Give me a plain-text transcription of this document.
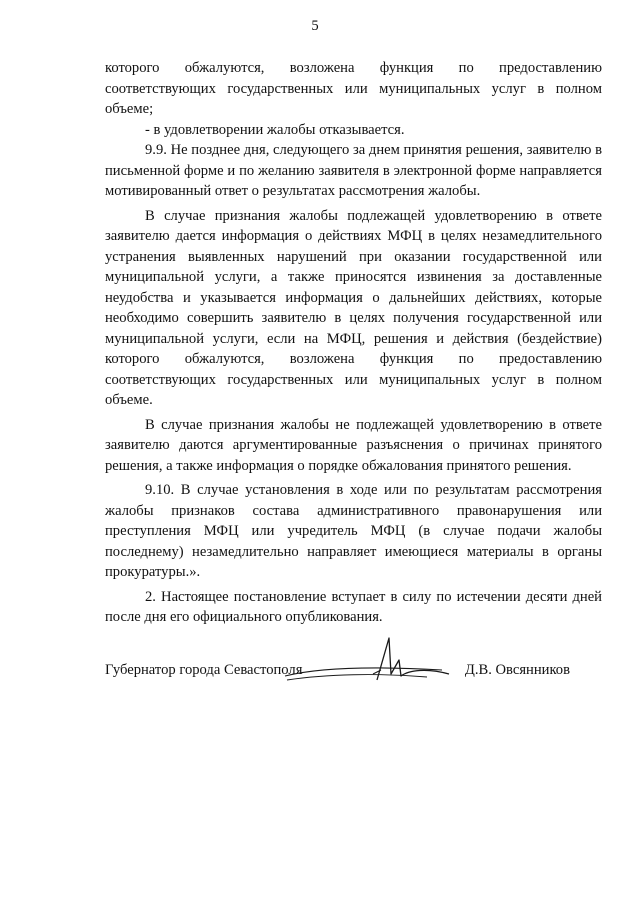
5

которого обжалуются, возложена функция по предоставлению соответствующих государственных или муниципальных услуг в полном объеме;

- в удовлетворении жалобы отказывается.

9.9. Не позднее дня, следующего за днем принятия решения, заявителю в письменной форме и по желанию заявителя в электронной форме направляется мотивированный ответ о результатах рассмотрения жалобы.

В случае признания жалобы подлежащей удовлетворению в ответе заявителю дается информация о действиях МФЦ в целях незамедлительного устранения выявленных нарушений при оказании государственной или муниципальной услуги, а также приносятся извинения за доставленные неудобства и указывается информация о дальнейших действиях, которые необходимо совершить заявителю в целях получения государственной или муниципальной услуги, если на МФЦ, решения и действия (бездействие) которого обжалуются, возложена функция по предоставлению соответствующих государственных или муниципальных услуг в полном объеме.

В случае признания жалобы не подлежащей удовлетворению в ответе заявителю даются аргументированные разъяснения о причинах принятого решения, а также информация о порядке обжалования принятого решения.

9.10. В случае установления в ходе или по результатам рассмотрения жалобы признаков состава административного правонарушения или преступления МФЦ или учредитель МФЦ (в случае подачи жалобы последнему) незамедлительно направляет имеющиеся материалы в органы прокуратуры.».

2. Настоящее постановление вступает в силу по истечении десяти дней после дня его официального опубликования.

Губернатор города Севастополя	Д.В. Овсянников
